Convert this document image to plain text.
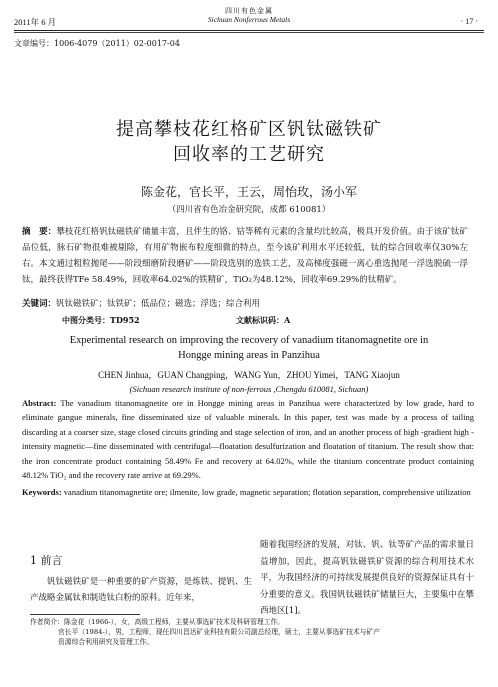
四川有色金属
Sichuan Nonferrous Metals
2011年 6 月	· 17 ·
文章编号：1006-4079（2011）02-0017-04
提高攀枝花红格矿区钒钛磁铁矿
回收率的工艺研究
陈金花，官长平，王云，周怡玫，汤小军
（四川省有色冶金研究院，成都 610081）
摘　要：攀枝花红格钒钛磁铁矿储量丰富，且伴生的铬、钴等稀有元素的含量均比较高，极具开发价值。由于该矿钛矿品位低，脉石矿物很难被剔除，有用矿物嵌布粒度细微的特点，至今该矿利用水平还较低，钛的综合回收率仅30%左右。本文通过粗粒抛尾——阶段细磨阶段磨矿——阶段选别的选铁工艺，及高梯度强磁一离心重选抛尾一浮选脱硫一浮钛，最终获得TFe 58.49%，回收率64.02%的铁精矿，TiO₂为48.12%，回收率69.29%的钛精矿。
关键词：钒钛磁铁矿；钛铁矿；低品位；磁选；浮选；综合利用
中图分类号：TD952	文献标识码：A
Experimental research on improving the recovery of vanadium titanomagnetite ore in
Hongge mining areas in Panzihua
CHEN Jinhua，GUAN Changping，WANG Yun，ZHOU Yimei，TANG Xiaojun
(Sichuan research institute of non-ferrous ,Chengdu 610081, Sichuan)
Abstract: The vanadium titanomagnetite ore in Hongge mining areas in Panzihua were characterized by low grade, hard to eliminate gangue minerals, fine disseminated size of valuable minerals. In this paper, test was made by a process of tailing discarding at a coarser size, stage closed circuits grinding and stage selection of iron, and an another process of high -gradient high -intensity magnetic—fine disseminated with centrifugal—floatation desulfurization and floatation of titanium. The result show that: the iron concentrate product containing 58.49% Fe and recovery at 64.02%, while the titanium concentrate product containing 48.12% TiO₂ and the recovery rate arrive at 69.29%.
Keywords: vanadium titanomagnetite ore; ilmenite, low grade, magnetic separation; flotation separation, comprehensive utilization
1 前言
钒钛磁铁矿是一种重要的矿产资源，是炼铁、提钒、生产战略金属钛和制造钛白粉的原料。近年来，
随着我国经济的发展，对钛、钒、钛等矿产品的需求量日益增加，因此，提高钒钛磁铁矿资源的综合利用技术水平，为我国经济的可持续发展提供良好的资源保证具有十分重要的意义。我国钒钛磁铁矿储量巨大，主要集中在攀西地区[1]。
作者简介：陈金花（1966-），女，高级工程师，主要从事选矿技术及科研管理工作。
官长平（1984-），男，工程师，现任四川昌达矿业科技有限公司副总经理，硕士，主要从事选矿技术与矿产
资源综合利用研究及管理工作。
